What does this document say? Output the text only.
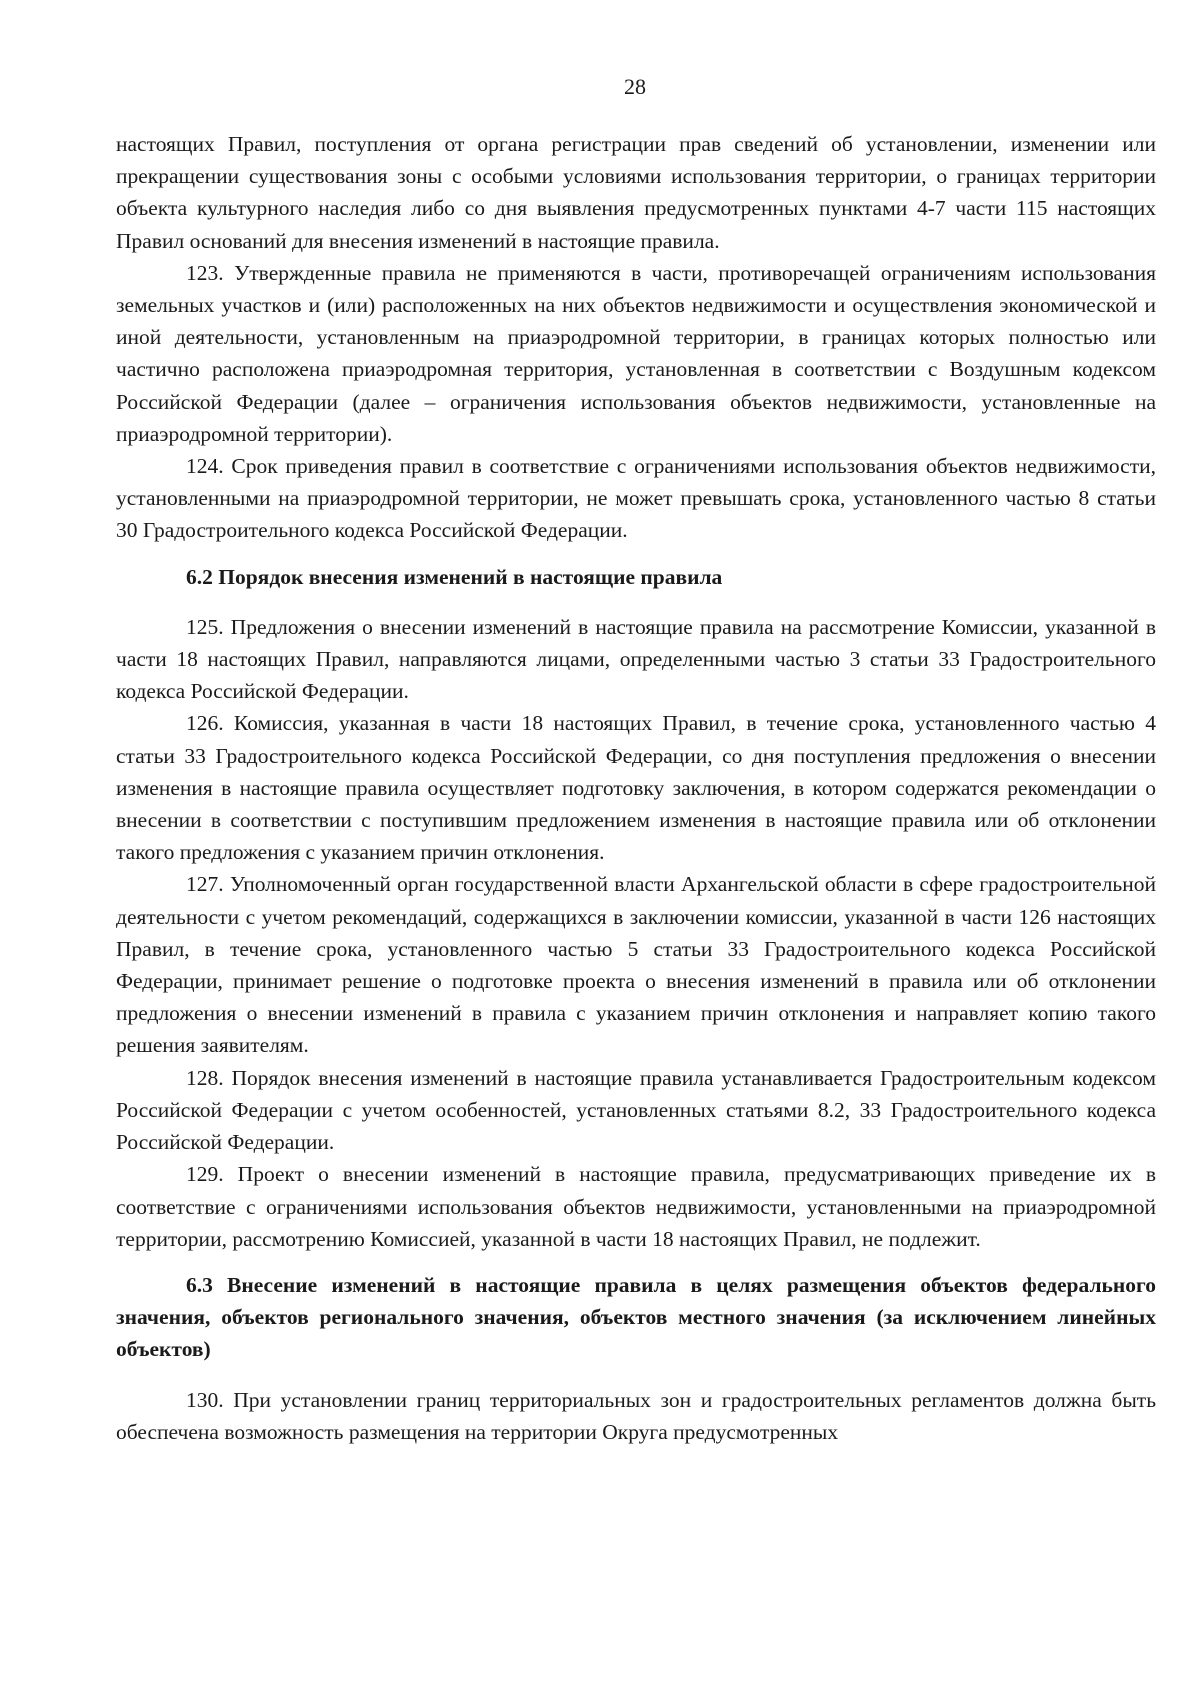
28

настоящих Правил, поступления от органа регистрации прав сведений об установлении, изменении или прекращении существования зоны с особыми условиями использования территории, о границах территории объекта культурного наследия либо со дня выявления предусмотренных пунктами 4-7 части 115 настоящих Правил оснований для внесения изменений в настоящие правила.

123. Утвержденные правила не применяются в части, противоречащей ограничениям использования земельных участков и (или) расположенных на них объектов недвижимости и осуществления экономической и иной деятельности, установленным на приаэродромной территории, в границах которых полностью или частично расположена приаэродромная территория, установленная в соответствии с Воздушным кодексом Российской Федерации (далее – ограничения использования объектов недвижимости, установленные на приаэродромной территории).

124. Срок приведения правил в соответствие с ограничениями использования объектов недвижимости, установленными на приаэродромной территории, не может превышать срока, установленного частью 8 статьи 30 Градостроительного кодекса Российской Федерации.

6.2 Порядок внесения изменений в настоящие правила

125. Предложения о внесении изменений в настоящие правила на рассмотрение Комиссии, указанной в части 18 настоящих Правил, направляются лицами, определенными частью 3 статьи 33 Градостроительного кодекса Российской Федерации.

126. Комиссия, указанная в части 18 настоящих Правил, в течение срока, установленного частью 4 статьи 33 Градостроительного кодекса Российской Федерации, со дня поступления предложения о внесении изменения в настоящие правила осуществляет подготовку заключения, в котором содержатся рекомендации о внесении в соответствии с поступившим предложением изменения в настоящие правила или об отклонении такого предложения с указанием причин отклонения.

127. Уполномоченный орган государственной власти Архангельской области в сфере градостроительной деятельности с учетом рекомендаций, содержащихся в заключении комиссии, указанной в части 126 настоящих Правил, в течение срока, установленного частью 5 статьи 33 Градостроительного кодекса Российской Федерации, принимает решение о подготовке проекта о внесения изменений в правила или об отклонении предложения о внесении изменений в правила с указанием причин отклонения и направляет копию такого решения заявителям.

128. Порядок внесения изменений в настоящие правила устанавливается Градостроительным кодексом Российской Федерации с учетом особенностей, установленных статьями 8.2, 33 Градостроительного кодекса Российской Федерации.

129. Проект о внесении изменений в настоящие правила, предусматривающих приведение их в соответствие с ограничениями использования объектов недвижимости, установленными на приаэродромной территории, рассмотрению Комиссией, указанной в части 18 настоящих Правил, не подлежит.

6.3 Внесение изменений в настоящие правила в целях размещения объектов федерального значения, объектов регионального значения, объектов местного значения (за исключением линейных объектов)

130. При установлении границ территориальных зон и градостроительных регламентов должна быть обеспечена возможность размещения на территории Округа предусмотренных
